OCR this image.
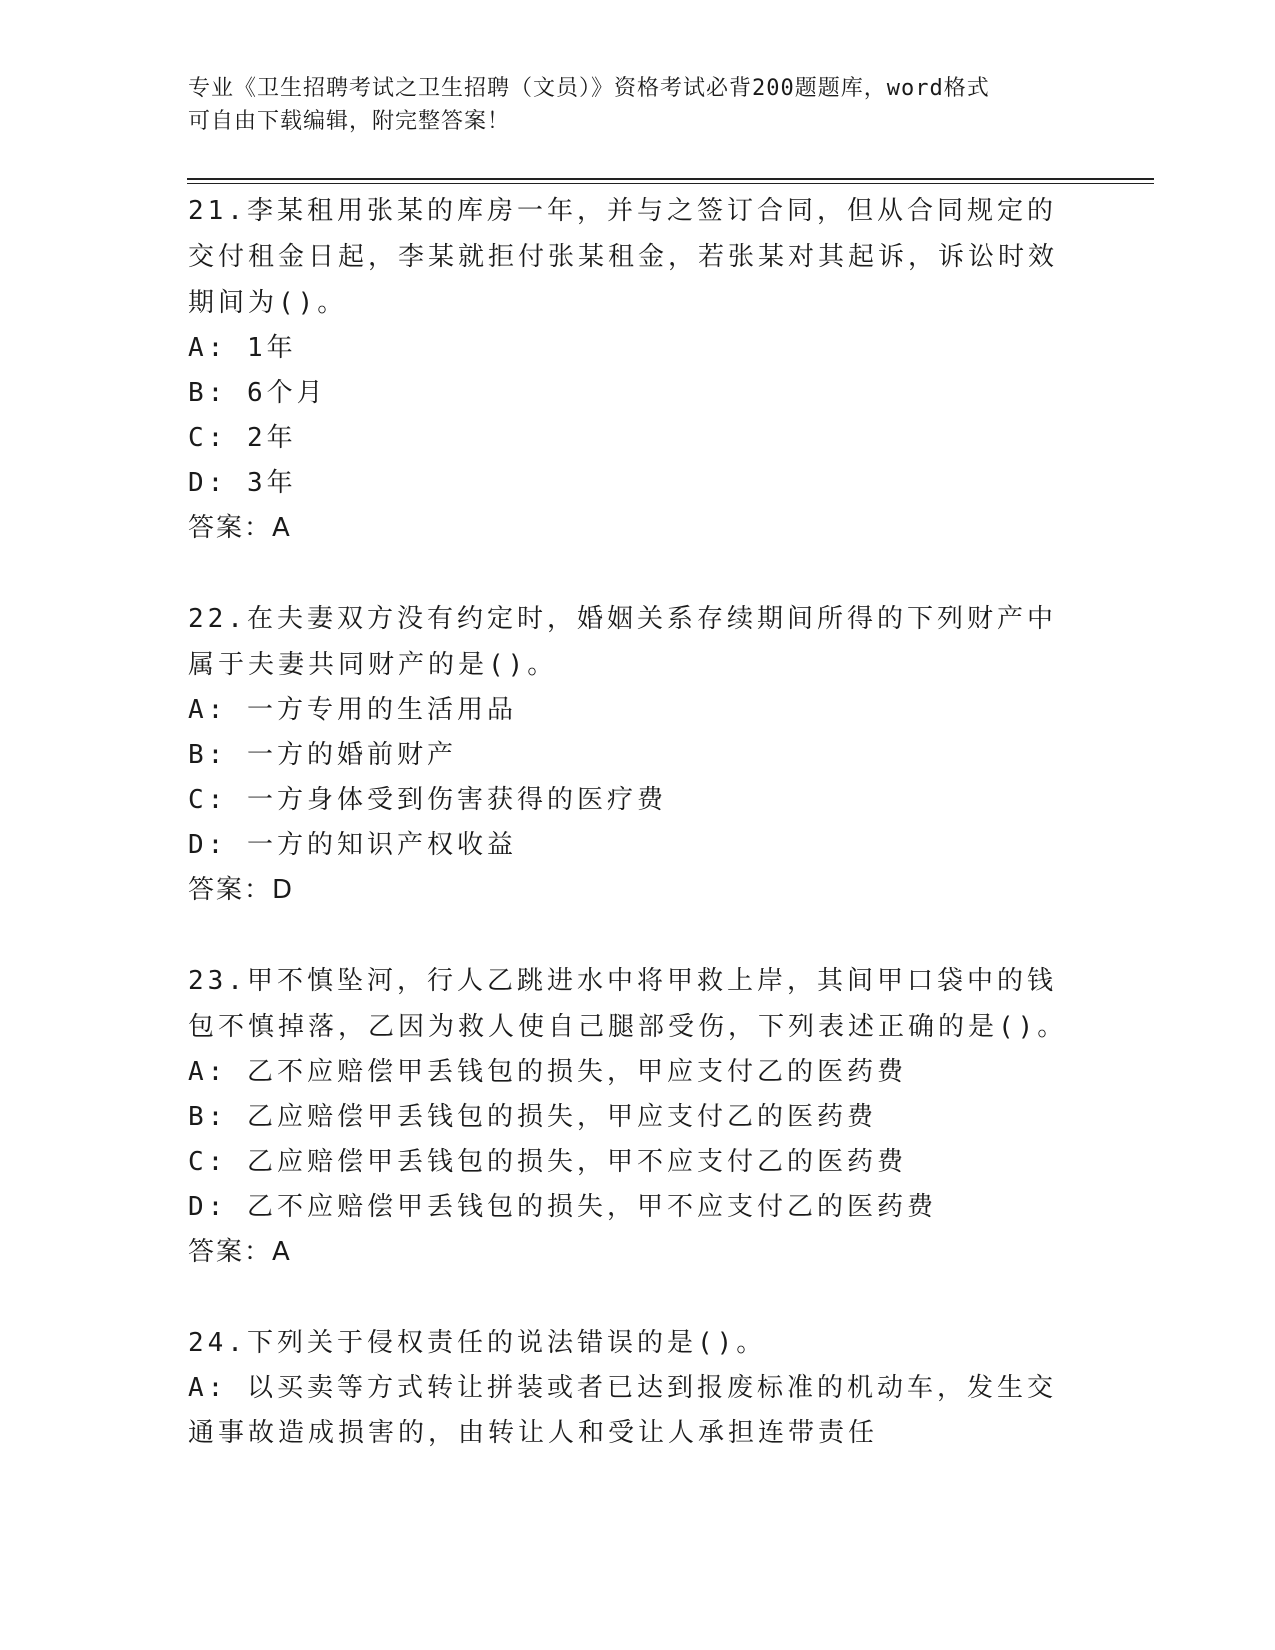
专业《卫生招聘考试之卫生招聘（文员）》资格考试必背200题题库，word格式
可自由下载编辑，附完整答案！
21.李某租用张某的库房一年，并与之签订合同，但从合同规定的交付租金日起，李某就拒付张某租金，若张某对其起诉，诉讼时效期间为()。
A: 1年
B: 6个月
C: 2年
D: 3年
答案：A
22.在夫妻双方没有约定时，婚姻关系存续期间所得的下列财产中属于夫妻共同财产的是()。
A: 一方专用的生活用品
B: 一方的婚前财产
C: 一方身体受到伤害获得的医疗费
D: 一方的知识产权收益
答案：D
23.甲不慎坠河，行人乙跳进水中将甲救上岸，其间甲口袋中的钱包不慎掉落，乙因为救人使自己腿部受伤，下列表述正确的是()。
A: 乙不应赔偿甲丢钱包的损失，甲应支付乙的医药费
B: 乙应赔偿甲丢钱包的损失，甲应支付乙的医药费
C: 乙应赔偿甲丢钱包的损失，甲不应支付乙的医药费
D: 乙不应赔偿甲丢钱包的损失，甲不应支付乙的医药费
答案：A
24.下列关于侵权责任的说法错误的是()。
A: 以买卖等方式转让拼装或者已达到报废标准的机动车，发生交通事故造成损害的，由转让人和受让人承担连带责任
